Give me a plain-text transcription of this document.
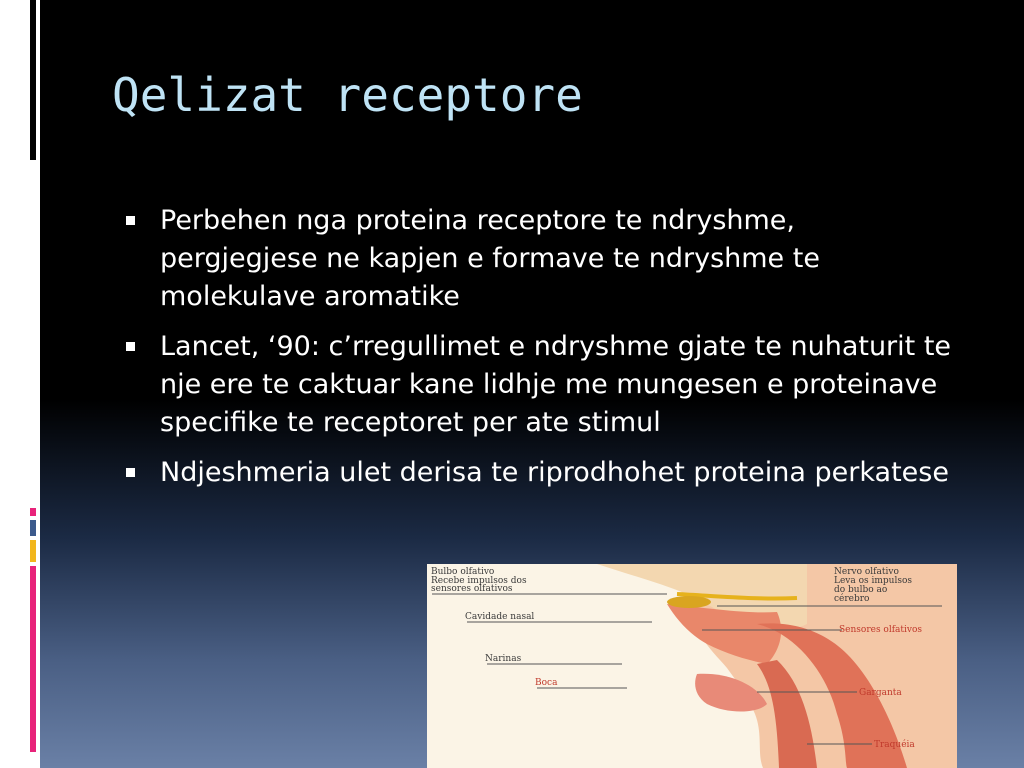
Qelizat receptore
Perbehen nga proteina receptore te ndryshme, pergjegjese ne kapjen e formave te ndryshme te molekulave aromatike
Lancet, ‘90: c’rregullimet e ndryshme gjate te nuhaturit te nje ere te caktuar kane lidhje me mungesen e proteinave specifike te receptoret per ate stimul
Ndjeshmeria ulet derisa te riprodhohet proteina perkatese
Bulbo olfativo
Recebe impulsos dos
sensores olfativos
Cavidade nasal
Narinas
Boca
Nervo olfativo
Leva os impulsos
do bulbo ao
cérebro
Sensores olfativos
Garganta
Traquéia
